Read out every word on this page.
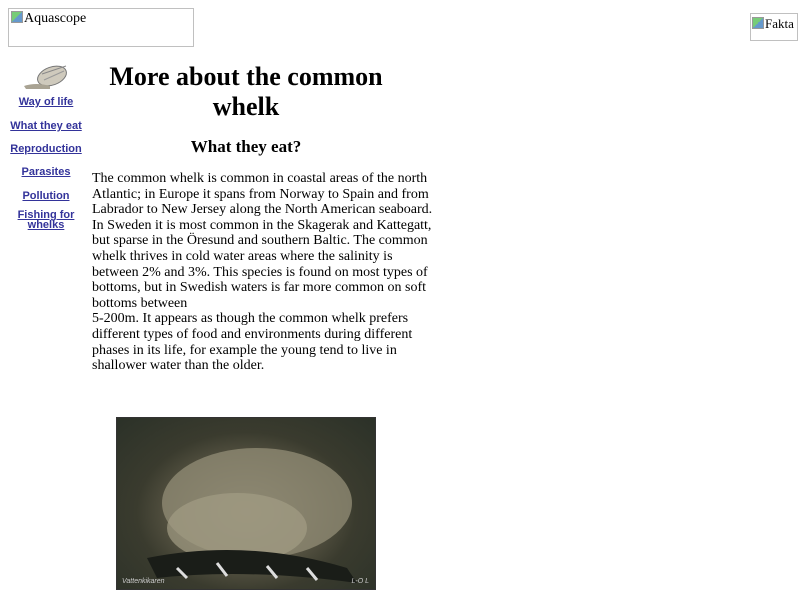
Aquascope	Fakta
Way of life
What they eat
Reproduction
Parasites
Pollution
Fishing for whelks
More about the common whelk
What they eat?
The common whelk is common in coastal areas of the north
Atlantic; in Europe it spans from Norway to Spain and from
Labrador to New Jersey along the North American seaboard.
In Sweden it is most common in the Skagerak and Kattegatt,
but sparse in the Öresund and southern Baltic. The common
whelk thrives in cold water areas where the salinity is
between 2% and 3%. This species is found on most types of
bottoms, but in Swedish waters is far more common on soft
bottoms between
5-200m. It appears as though the common whelk prefers
different types of food and environments during different
phases in its life, for example the young tend to live in
shallower water than the older.
Vattenkikaren	L-O L
